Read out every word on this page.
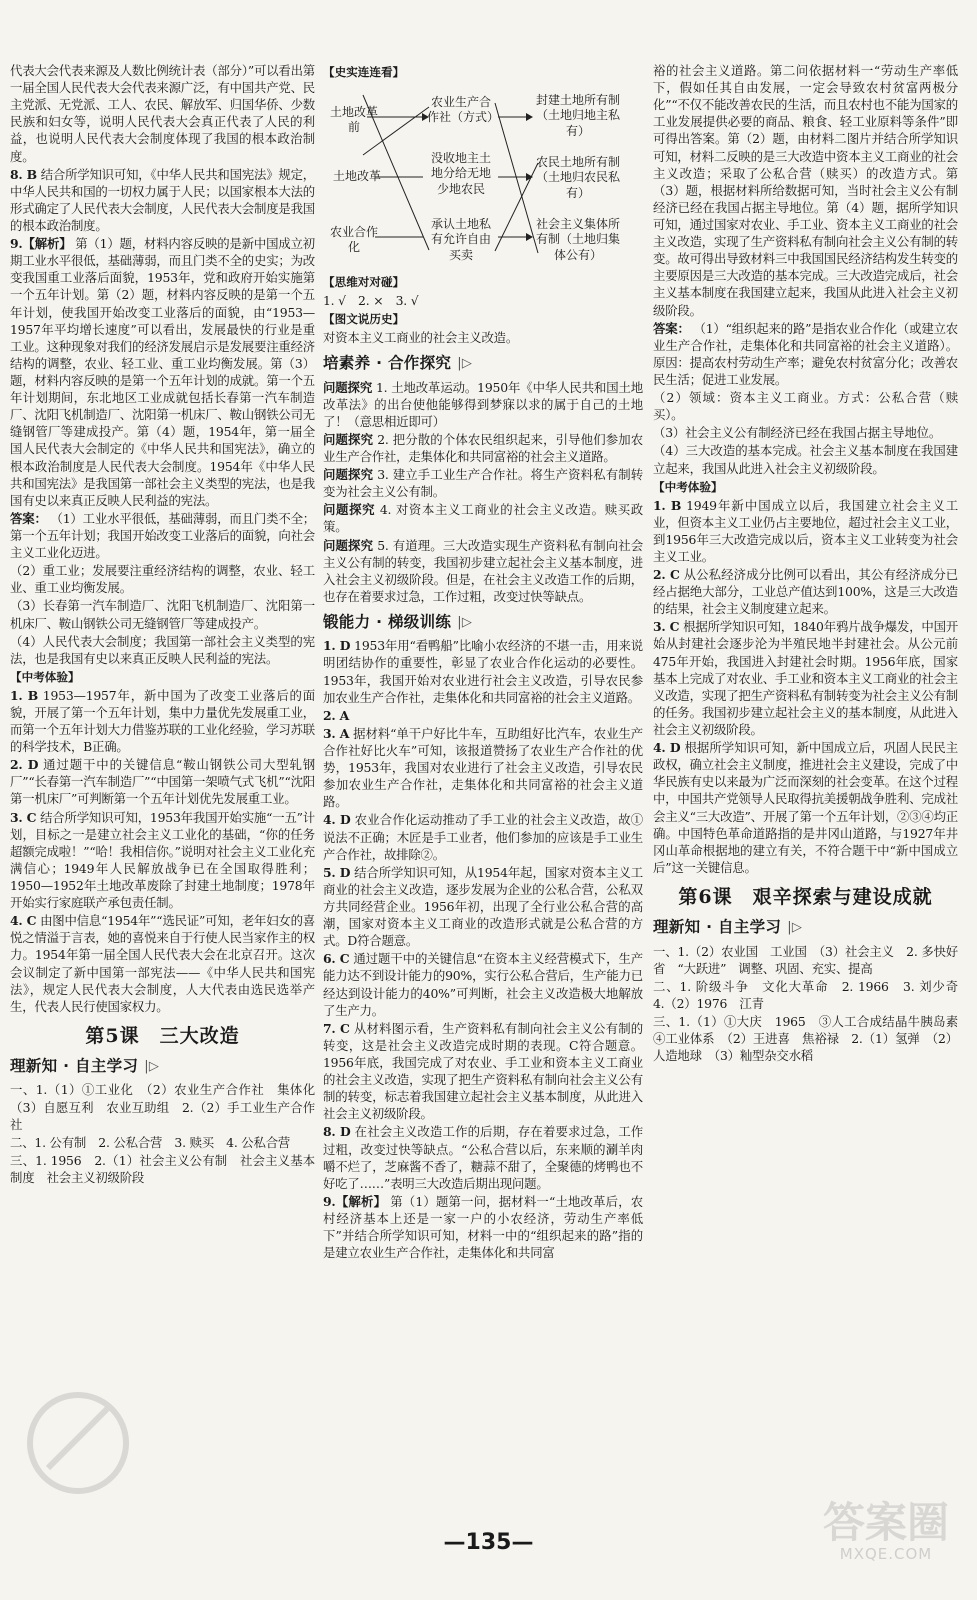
代表大会代表来源及人数比例统计表（部分）”可以看出第一届全国人民代表大会代表来源广泛，有中国共产党、民主党派、无党派、工人、农民、解放军、归国华侨、少数民族和妇女等，说明人民代表大会真正代表了人民的利益，也说明人民代表大会制度体现了我国的根本政治制度。

8. B 结合所学知识可知，《中华人民共和国宪法》规定，中华人民共和国的一切权力属于人民；以国家根本大法的形式确定了人民代表大会制度，人民代表大会制度是我国的根本政治制度。

9.【解析】 第（1）题，材料内容反映的是新中国成立初期工业水平很低，基础薄弱，而且门类不全的史实；为改变我国重工业落后面貌，1953年，党和政府开始实施第一个五年计划。第（2）题，材料内容反映的是第一个五年计划，使我国开始改变工业落后的面貌，由“1953—1957年平均增长速度”可以看出，发展最快的行业是重工业。这种现象对我们的经济发展启示是发展要注重经济结构的调整，农业、轻工业、重工业均衡发展。第（3）题，材料内容反映的是第一个五年计划的成就。第一个五年计划期间，东北地区工业成就包括长春第一汽车制造厂、沈阳飞机制造厂、沈阳第一机床厂、鞍山钢铁公司无缝钢管厂等建成投产。第（4）题，1954年，第一届全国人民代表大会制定的《中华人民共和国宪法》，确立的根本政治制度是人民代表大会制度。1954年《中华人民共和国宪法》是我国第一部社会主义类型的宪法，也是我国有史以来真正反映人民利益的宪法。

答案： （1）工业水平很低，基础薄弱，而且门类不全；第一个五年计划；我国开始改变工业落后的面貌，向社会主义工业化迈进。

（2）重工业；发展要注重经济结构的调整，农业、轻工业、重工业均衡发展。

（3）长春第一汽车制造厂、沈阳飞机制造厂、沈阳第一机床厂、鞍山钢铁公司无缝钢管厂等建成投产。

（4）人民代表大会制度；我国第一部社会主义类型的宪法，也是我国有史以来真正反映人民利益的宪法。

【中考体验】

1. B 1953—1957年，新中国为了改变工业落后的面貌，开展了第一个五年计划，集中力量优先发展重工业，而第一个五年计划大力借鉴苏联的工业化经验，学习苏联的科学技术，B正确。

2. D 通过题干中的关键信息“鞍山钢铁公司大型轧钢厂”“长春第一汽车制造厂”“中国第一架喷气式飞机”“沈阳第一机床厂”可判断第一个五年计划优先发展重工业。

3. C 结合所学知识可知，1953年我国开始实施“一五”计划，目标之一是建立社会主义工业化的基础，“你的任务超额完成啦！”“哈！我相信你。”说明对社会主义工业化充满信心；1949年人民解放战争已在全国取得胜利；1950—1952年土地改革废除了封建土地制度；1978年开始实行家庭联产承包责任制。

4. C 由图中信息“1954年”“选民证”可知，老年妇女的喜悦之情溢于言表，她的喜悦来自于行使人民当家作主的权力。1954年第一届全国人民代表大会在北京召开。这次会议制定了新中国第一部宪法——《中华人民共和国宪法》，规定人民代表大会制度，人大代表由选民选举产生，代表人民行使国家权力。

第5课　三大改造
理新知 · 自主学习 |▷

一、1.（1）①工业化　（2）农业生产合作社　集体化　（3）自愿互利　农业互助组　2.（2）手工业生产合作社

二、1. 公有制　2. 公私合营　3. 赎买　4. 公私合营

三、1. 1956　2.（1）社会主义公有制　社会主义基本制度　社会主义初级阶段

【史实连连看】
土地改革前
土地改革
农业合作化
农业生产合作社（方式）
没收地主土地分给无地少地农民
承认土地私有允许自由买卖
封建土地所有制（土地归地主私有）
农民土地所有制（土地归农民私有）
社会主义集体所有制（土地归集体公有）
【思维对对碰】

1. √　2. ×　3. √

【图文说历史】

对资本主义工商业的社会主义改造。

培素养 · 合作探究 |▷

问题探究 1. 土地改革运动。1950年《中华人民共和国土地改革法》的出台使他能够得到梦寐以求的属于自己的土地了！（意思相近即可）

问题探究 2. 把分散的个体农民组织起来，引导他们参加农业生产合作社，走集体化和共同富裕的社会主义道路。

问题探究 3. 建立手工业生产合作社。将生产资料私有制转变为社会主义公有制。

问题探究 4. 对资本主义工商业的社会主义改造。赎买政策。

问题探究 5. 有道理。三大改造实现生产资料私有制向社会主义公有制的转变，我国初步建立起社会主义基本制度，进入社会主义初级阶段。但是，在社会主义改造工作的后期，也存在着要求过急，工作过粗，改变过快等缺点。

锻能力 · 梯级训练 |▷

1. D 1953年用“看鸭船”比喻小农经济的不堪一击，用来说明团结协作的重要性，彰显了农业合作化运动的必要性。1953年，我国开始对农业进行社会主义改造，引导农民参加农业生产合作社，走集体化和共同富裕的社会主义道路。

2. A

3. A 据材料“单干户好比牛车，互助组好比汽车，农业生产合作社好比火车”可知，该报道赞扬了农业生产合作社的优势，1953年，我国对农业进行了社会主义改造，引导农民参加农业生产合作社，走集体化和共同富裕的社会主义道路。

4. D 农业合作化运动推动了手工业的社会主义改造，故①说法不正确；木匠是手工业者，他们参加的应该是手工业生产合作社，故排除②。

5. D 结合所学知识可知，从1954年起，国家对资本主义工商业的社会主义改造，逐步发展为企业的公私合营，公私双方共同经营企业。1956年初，出现了全行业公私合营的高潮，国家对资本主义工商业的改造形式就是公私合营的方式。D符合题意。

6. C 通过题干中的关键信息“在资本主义经营模式下，生产能力达不到设计能力的90%，实行公私合营后，生产能力已经达到设计能力的40%”可判断，社会主义改造极大地解放了生产力。

7. C 从材料图示看，生产资料私有制向社会主义公有制的转变，这是社会主义改造完成时期的表现。C符合题意。1956年底，我国完成了对农业、手工业和资本主义工商业的社会主义改造，实现了把生产资料私有制向社会主义公有制的转变，标志着我国建立起社会主义基本制度，从此进入社会主义初级阶段。

8. D 在社会主义改造工作的后期，存在着要求过急，工作过粗，改变过快等缺点。“公私合营以后，东来顺的涮羊肉嚼不烂了，芝麻酱不香了，糖蒜不甜了，全聚德的烤鸭也不好吃了……”表明三大改造后期出现问题。

9.【解析】 第（1）题第一问，据材料一“土地改革后，农村经济基本上还是一家一户的小农经济，劳动生产率低下”并结合所学知识可知，材料一中的“组织起来的路”指的是建立农业生产合作社，走集体化和共同富

裕的社会主义道路。第二问依据材料一“劳动生产率低下，假如任其自由发展，一定会导致农村贫富两极分化”“不仅不能改善农民的生活，而且农村也不能为国家的工业发展提供必要的商品、粮食、轻工业原料等条件”即可得出答案。第（2）题，由材料二图片并结合所学知识可知，材料二反映的是三大改造中资本主义工商业的社会主义改造；采取了公私合营（赎买）的改造方式。第（3）题，根据材料所给数据可知，当时社会主义公有制经济已经在我国占据主导地位。第（4）题，据所学知识可知，通过国家对农业、手工业、资本主义工商业的社会主义改造，实现了生产资料私有制向社会主义公有制的转变。故可得出导致材料三中我国国民经济结构发生转变的主要原因是三大改造的基本完成。三大改造完成后，社会主义基本制度在我国建立起来，我国从此进入社会主义初级阶段。

答案： （1）“组织起来的路”是指农业合作化（或建立农业生产合作社，走集体化和共同富裕的社会主义道路）。原因：提高农村劳动生产率；避免农村贫富分化；改善农民生活；促进工业发展。

（2）领域：资本主义工商业。方式：公私合营（赎买）。

（3）社会主义公有制经济已经在我国占据主导地位。

（4）三大改造的基本完成。社会主义基本制度在我国建立起来，我国从此进入社会主义初级阶段。

【中考体验】

1. B 1949年新中国成立以后，我国建立社会主义工业，但资本主义工业仍占主要地位，超过社会主义工业，到1956年三大改造完成以后，资本主义工业转变为社会主义工业。

2. C 从公私经济成分比例可以看出，其公有经济成分已经占据绝大部分，工业总产值达到100%，这是三大改造的结果，社会主义制度建立起来。

3. C 根据所学知识可知，1840年鸦片战争爆发，中国开始从封建社会逐步沦为半殖民地半封建社会。从公元前475年开始，我国进入封建社会时期。1956年底，国家基本上完成了对农业、手工业和资本主义工商业的社会主义改造，实现了把生产资料私有制转变为社会主义公有制的任务。我国初步建立起社会主义的基本制度，从此进入社会主义初级阶段。

4. D 根据所学知识可知，新中国成立后，巩固人民民主政权，确立社会主义制度，推进社会主义建设，完成了中华民族有史以来最为广泛而深刻的社会变革。在这个过程中，中国共产党领导人民取得抗美援朝战争胜利、完成社会主义“三大改造”、开展了第一个五年计划，②③④均正确。中国特色革命道路指的是井冈山道路，与1927年井冈山革命根据地的建立有关，不符合题干中“新中国成立后”这一关键信息。

第6课　艰辛探索与建设成就
理新知 · 自主学习 |▷

一、1.（2）农业国　工业国　（3）社会主义　2. 多快好省　“大跃进”　调整、巩固、充实、提高

二、1. 阶级斗争　文化大革命　2. 1966　3. 刘少奇　4.（2）1976　江青

三、1.（1）①大庆　1965　③人工合成结晶牛胰岛素　④工业体系　（2）王进喜　焦裕禄　2.（1）氢弹　（2）人造地球　（3）籼型杂交水稻

答案圈
MXQE.COM
—135—
